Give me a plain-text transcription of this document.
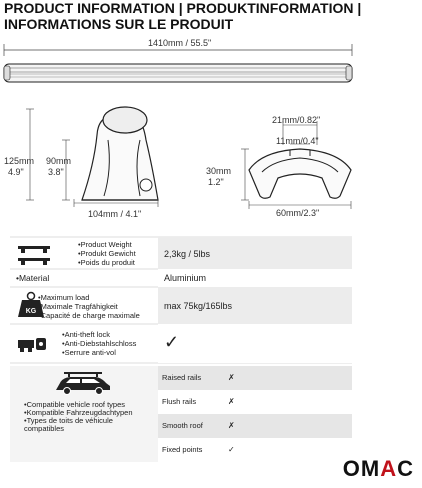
PRODUCT INFORMATION | PRODUKTINFORMATION |
INFORMATIONS SUR LE PRODUIT
1410mm / 55.5"
125mm
4.9"
90mm
3.8"
104mm / 4.1"
21mm/0.82"
11mm/0.4"
30mm
1.2"
60mm/2.3"
•Product Weight
•Produkt Gewicht
•Poids du produit
2,3kg / 5lbs
•Material	Aluminium
KG
•Maximum load
•Maximale Tragfähigkeit
•Capacité de charge maximale
max 75kg/165lbs
•Anti-theft lock
•Anti-Diebstahlschloss
•Serrure anti-vol
✓
•Compatible vehicle roof types
•Kompatible Fahrzeugdachtypen
•Types de toits de véhicule
compatibles
Raised rails	✗
Flush rails	✗
Smooth roof	✗
Fixed points	✓
OMAC
